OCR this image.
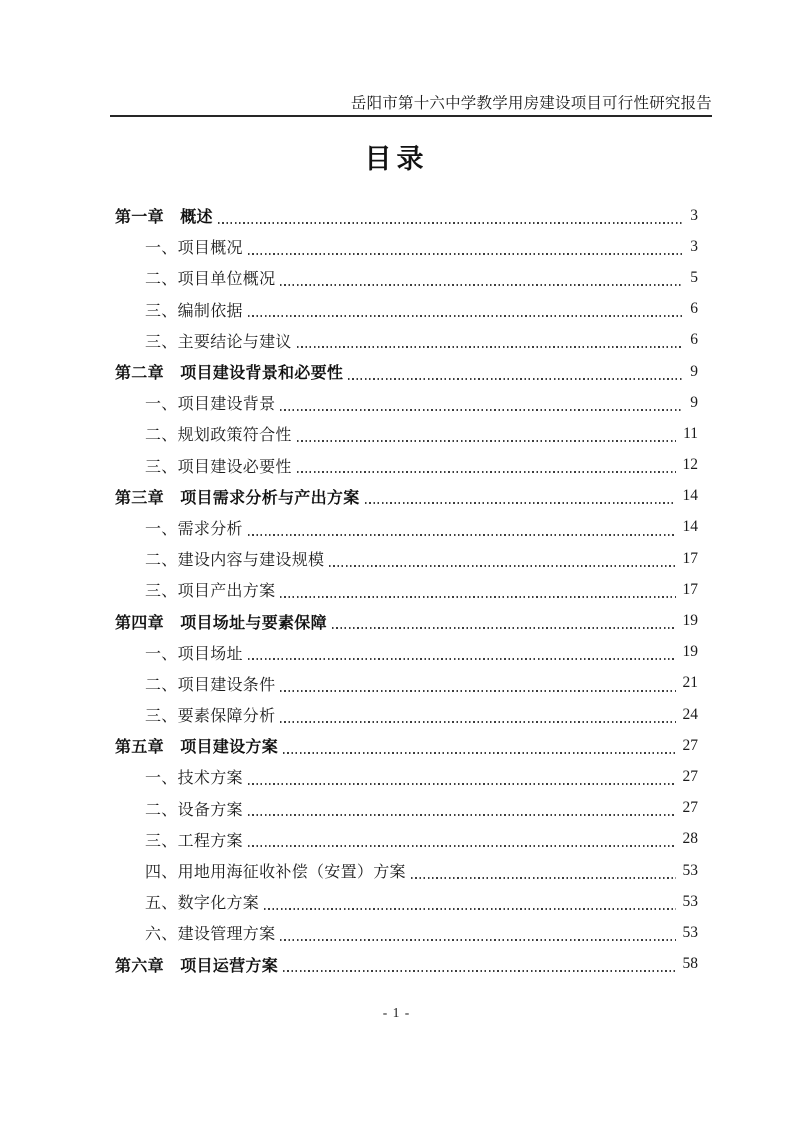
岳阳市第十六中学教学用房建设项目可行性研究报告
目录
第一章　概述	3
一、项目概况	3
二、项目单位概况	5
三、编制依据	6
三、主要结论与建议	6
第二章　项目建设背景和必要性	9
一、项目建设背景	9
二、规划政策符合性	11
三、项目建设必要性	12
第三章　项目需求分析与产出方案	14
一、需求分析	14
二、建设内容与建设规模	17
三、项目产出方案	17
第四章　项目场址与要素保障	19
一、项目场址	19
二、项目建设条件	21
三、要素保障分析	24
第五章　项目建设方案	27
一、技术方案	27
二、设备方案	27
三、工程方案	28
四、用地用海征收补偿（安置）方案	53
五、数字化方案	53
六、建设管理方案	53
第六章　项目运营方案	58
- 1 -
